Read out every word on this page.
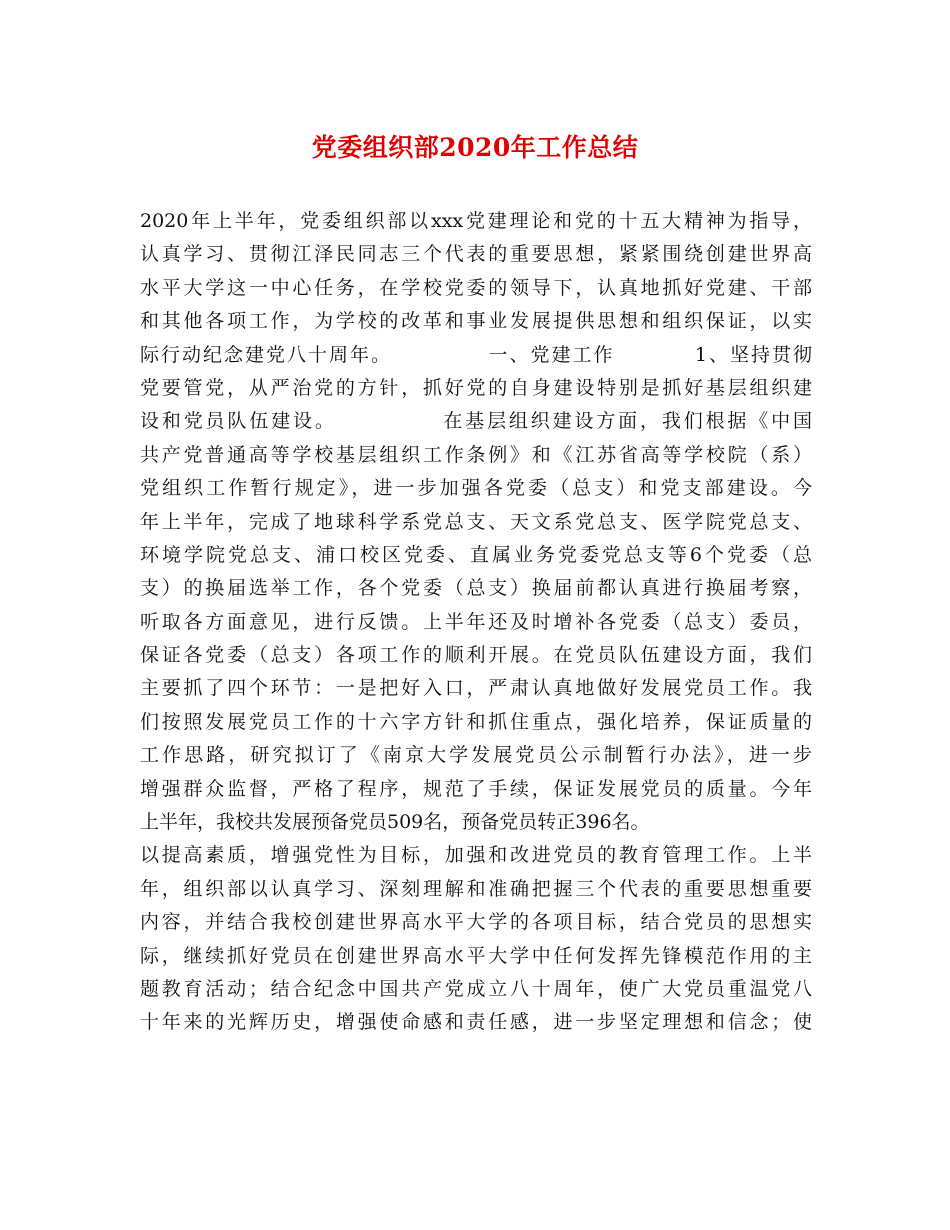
党委组织部2020年工作总结
2020年上半年，党委组织部以xxx党建理论和党的十五大精神为指导，
认真学习、贯彻江泽民同志三个代表的重要思想，紧紧围绕创建世界高
水平大学这一中心任务，在学校党委的领导下，认真地抓好党建、干部
和其他各项工作，为学校的改革和事业发展提供思想和组织保证，以实
际行动纪念建党八十周年。            一、党建工作          1、坚持贯彻
党要管党，从严治党的方针，抓好党的自身建设特别是抓好基层组织建
设和党员队伍建设。            在基层组织建设方面，我们根据《中国
共产党普通高等学校基层组织工作条例》和《江苏省高等学校院（系）
党组织工作暂行规定》，进一步加强各党委（总支）和党支部建设。今
年上半年，完成了地球科学系党总支、天文系党总支、医学院党总支、
环境学院党总支、浦口校区党委、直属业务党委党总支等6个党委（总
支）的换届选举工作，各个党委（总支）换届前都认真进行换届考察，
听取各方面意见，进行反馈。上半年还及时增补各党委（总支）委员，
保证各党委（总支）各项工作的顺利开展。在党员队伍建设方面，我们
主要抓了四个环节：一是把好入口，严肃认真地做好发展党员工作。我
们按照发展党员工作的十六字方针和抓住重点，强化培养，保证质量的
工作思路，研究拟订了《南京大学发展党员公示制暂行办法》，进一步
增强群众监督，严格了程序，规范了手续，保证发展党员的质量。今年
上半年，我校共发展预备党员509名，预备党员转正396名。
以提高素质，增强党性为目标，加强和改进党员的教育管理工作。上半
年，组织部以认真学习、深刻理解和准确把握三个代表的重要思想重要
内容，并结合我校创建世界高水平大学的各项目标，结合党员的思想实
际，继续抓好党员在创建世界高水平大学中任何发挥先锋模范作用的主
题教育活动；结合纪念中国共产党成立八十周年，使广大党员重温党八
十年来的光辉历史，增强使命感和责任感，进一步坚定理想和信念；使
